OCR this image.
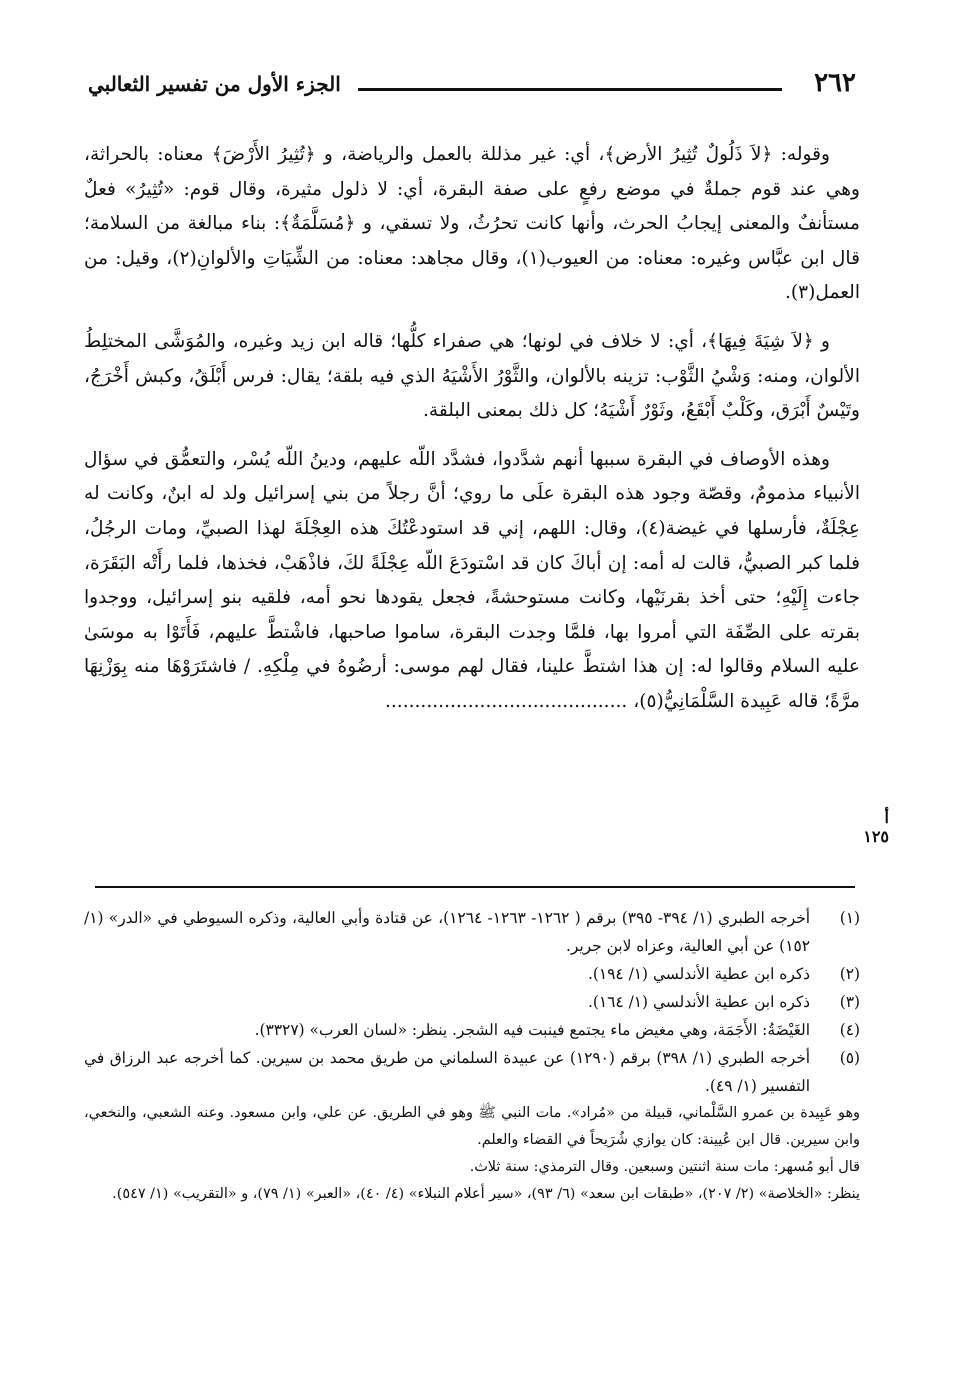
٢٦٢
الجزء الأول من تفسير الثعالبي

وقوله: ﴿لاَ ذَلُولٌ تُثِيرُ الأرض﴾، أي: غير مذللة بالعمل والرياضة، و ﴿تُثِيرُ الأَرْضَ﴾ معناه: بالحراثة، وهي عند قوم جملةٌ في موضع رفعٍ على صفة البقرة، أي: لا ذلول مثيرة، وقال قوم: «تُثِيرُ» فعلٌ مستأنفٌ والمعنى إيجابُ الحرث، وأنها كانت تحرُثُ، ولا تسقي، و ﴿مُسَلَّمَةٌ﴾: بناء مبالغة من السلامة؛ قال ابن عبَّاس وغيره: معناه: من العيوب(١)، وقال مجاهد: معناه: من الشِّيَاتِ والألوانِ(٢)، وقيل: من العمل(٣).

و ﴿لاَ شِيَةَ فِيهَا﴾، أي: لا خلاف في لونها؛ هي صفراء كلُّها؛ قاله ابن زيد وغيره، والمُوَشَّى المختلِطُ الألوان، ومنه: وَشْيُ الثَّوْب: تزينه بالألوان، والثَّوْرُ الأَشْيَهُ الذي فيه بلقة؛ يقال: فرس أَبْلَقُ، وكبش أَخْرَجُ، وتَيْسٌ أَبْرَق، وكَلْبٌ أَبْقَعُ، وثَوْرٌ أَشْيَهُ؛ كل ذلك بمعنى البلقة.

وهذه الأوصاف في البقرة سببها أنهم شدَّدوا، فشدَّد اللّه عليهم، ودينُ اللّه يُسْر، والتعمُّق في سؤال الأنبياء مذمومٌ، وقصّة وجود هذه البقرة علَى ما روي؛ أنَّ رجلاً من بني إسرائيل ولد له ابنٌ، وكانت له عِجْلَةٌ، فأرسلها في غيضة(٤)، وقال: اللهم، إني قد استودعْتُكَ هذه العِجْلَةَ لهذا الصبيِّ، ومات الرجُلُ، فلما كبر الصبيُّ، قالت له أمه: إن أباكَ كان قد اسْتودَعَ اللّه عِجْلَةً لكَ، فاذْهَبْ، فخذها، فلما رأَتْه البَقَرَة، جاءت إِلَيْهِ؛ حتى أخذ بقرنَيْها، وكانت مستوحشةً، فجعل يقودها نحو أمه، فلقيه بنو إسرائيل، ووجدوا بقرته على الصِّفَة التي أمروا بها، فلمَّا وجدت البقرة، ساموا صاحبها، فاشْتطَّ عليهم، فَأَتَوْا به موسَىٰ عليه السلام وقالوا له: إن هذا اشتطَّ علينا، فقال لهم موسى: أرضُوهُ في مِلْكِهِ. / فاشتَرَوْهَا منه بِوَزْنِهَا مرَّةً؛ قاله عَبِيدة السَّلْمَانِيُّ(٥)، .........................................

أ ١٢٥
(١)
أخرجه الطبري (١/ ٣٩٤- ٣٩٥) برقم ( ١٢٦٢- ١٢٦٣- ١٢٦٤)، عن قتادة وأبي العالية، وذكره السيوطي في «الدر» (١/ ١٥٢) عن أبي العالية، وعزاه لابن جرير.
(٢)
ذكره ابن عطية الأندلسي (١/ ١٩٤).
(٣)
ذكره ابن عطية الأندلسي (١/ ١٦٤).
(٤)
الغَيْضَةُ: الأَجَمَة، وهي مغيض ماء يجتمع فينبت فيه الشجر. ينظر: «لسان العرب» (٣٣٢٧).
(٥)
أخرجه الطبري (١/ ٣٩٨) برقم (١٢٩٠) عن عبيدة السلماني من طريق محمد بن سيرين. كما أخرجه عبد الرزاق في التفسير (١/ ٤٩).
وهو عَبِيدة بن عمرو السَّلْماني، قبيلة من «مُراد». مات النبي ﷺ وهو في الطريق. عن علي، وابن مسعود. وعنه الشعبي، والنخعي، وابن سيرين. قال ابن عُيينة: كان يوازي شُرَيحاً في القضاء والعلم.
قال أبو مُسهر: مات سنة اثنتين وسبعين. وقال الترمذي: سنة ثلاث.
ينظر: «الخلاصة» (٢/ ٢٠٧)، «طبقات ابن سعد» (٦/ ٩٣)، «سير أعلام النبلاء» (٤/ ٤٠)، «العبر» (١/ ٧٩)، و «التقريب» (١/ ٥٤٧).
